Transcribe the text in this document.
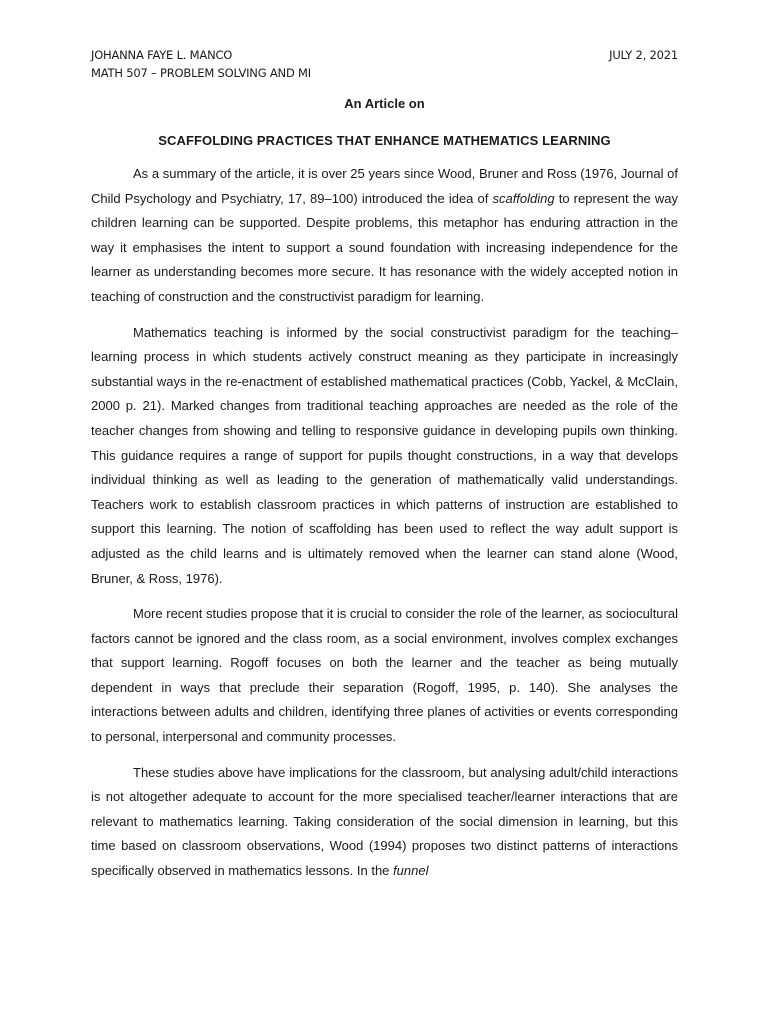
JOHANNA FAYE L. MANCO	JULY 2, 2021
MATH 507 – PROBLEM SOLVING AND MI
An Article on
SCAFFOLDING PRACTICES THAT ENHANCE MATHEMATICS LEARNING

As a summary of the article, it is over 25 years since Wood, Bruner and Ross (1976, Journal of Child Psychology and Psychiatry, 17, 89–100) introduced the idea of scaffolding to represent the way children learning can be supported. Despite problems, this metaphor has enduring attraction in the way it emphasises the intent to support a sound foundation with increasing independence for the learner as understanding becomes more secure. It has resonance with the widely accepted notion in teaching of construction and the constructivist paradigm for learning.

Mathematics teaching is informed by the social constructivist paradigm for the teaching–learning process in which students actively construct meaning as they participate in increasingly substantial ways in the re-enactment of established mathematical practices (Cobb, Yackel, & McClain, 2000 p. 21). Marked changes from traditional teaching approaches are needed as the role of the teacher changes from showing and telling to responsive guidance in developing pupils own thinking. This guidance requires a range of support for pupils thought constructions, in a way that develops individual thinking as well as leading to the generation of mathematically valid understandings. Teachers work to establish classroom practices in which patterns of instruction are established to support this learning. The notion of scaffolding has been used to reflect the way adult support is adjusted as the child learns and is ultimately removed when the learner can stand alone (Wood, Bruner, & Ross, 1976).

More recent studies propose that it is crucial to consider the role of the learner, as sociocultural factors cannot be ignored and the class room, as a social environment, involves complex exchanges that support learning. Rogoff focuses on both the learner and the teacher as being mutually dependent in ways that preclude their separation (Rogoff, 1995, p. 140). She analyses the interactions between adults and children, identifying three planes of activities or events corresponding to personal, interpersonal and community processes.

These studies above have implications for the classroom, but analysing adult/child interactions is not altogether adequate to account for the more specialised teacher/learner interactions that are relevant to mathematics learning. Taking consideration of the social dimension in learning, but this time based on classroom observations, Wood (1994) proposes two distinct patterns of interactions specifically observed in mathematics lessons. In the funnel
